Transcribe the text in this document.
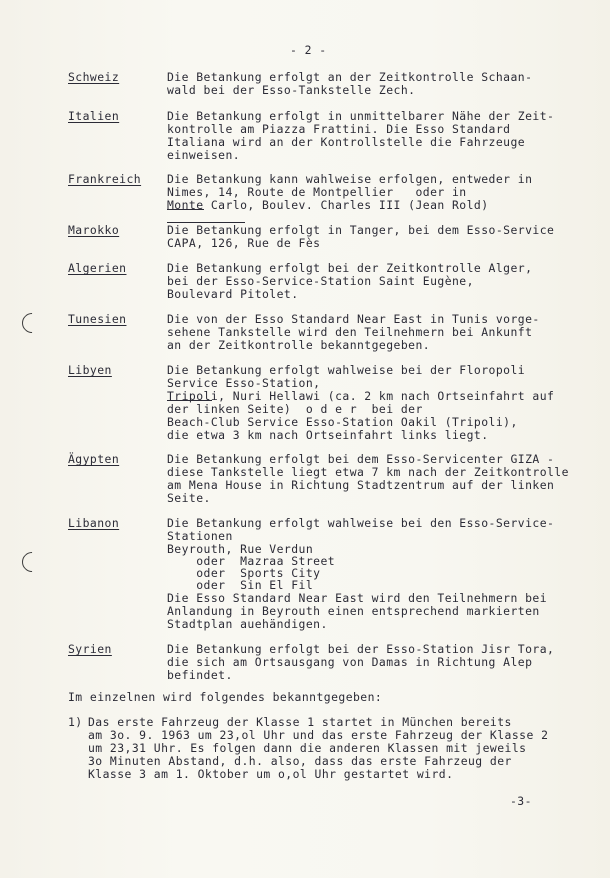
- 2 -
Schweiz	Die Betankung erfolgt an der Zeitkontrolle Schaan-
wald bei der Esso-Tankstelle Zech.
Italien	Die Betankung erfolgt in unmittelbarer Nähe der Zeit-
kontrolle am Piazza Frattini. Die Esso Standard
Italiana wird an der Kontrollstelle die Fahrzeuge
einweisen.
Frankreich Die Betankung kann wahlweise erfolgen, entweder in
Nimes, 14, Route de Montpellier   oder in
Monte Carlo, Boulev. Charles III (Jean Rold)
Marokko	Die Betankung erfolgt in Tanger, bei dem Esso-Service
CAPA, 126, Rue de Fès
Algerien	Die Betankung erfolgt bei der Zeitkontrolle Alger,
bei der Esso-Service-Station Saint Eugène,
Boulevard Pitolet.
Tunesien	Die von der Esso Standard Near East in Tunis vorge-
sehene Tankstelle wird den Teilnehmern bei Ankunft
an der Zeitkontrolle bekanntgegeben.
Libyen	Die Betankung erfolgt wahlweise bei der Floropoli
Service Esso-Station,
Tripoli, Nuri Hellawi (ca. 2 km nach Ortseinfahrt auf
der linken Seite)  o d e r  bei der
Beach-Club Service Esso-Station Oakil (Tripoli),
die etwa 3 km nach Ortseinfahrt links liegt.
Ägypten	Die Betankung erfolgt bei dem Esso-Servicenter GIZA -
diese Tankstelle liegt etwa 7 km nach der Zeitkontrolle
am Mena House in Richtung Stadtzentrum auf der linken
Seite.
Libanon	Die Betankung erfolgt wahlweise bei den Esso-Service-
Stationen
Beyrouth, Rue Verdun
oder  Mazraa Street
oder  Sports City
oder  Sin El Fil
Die Esso Standard Near East wird den Teilnehmern bei
Anlandung in Beyrouth einen entsprechend markierten
Stadtplan auehändigen.
Syrien	Die Betankung erfolgt bei der Esso-Station Jisr Tora,
die sich am Ortsausgang von Damas in Richtung Alep
befindet.
Im einzelnen wird folgendes bekanntgegeben:
1) Das erste Fahrzeug der Klasse 1 startet in München bereits
am 3o. 9. 1963 um 23,ol Uhr und das erste Fahrzeug der Klasse 2
um 23,31 Uhr. Es folgen dann die anderen Klassen mit jeweils
3o Minuten Abstand, d.h. also, dass das erste Fahrzeug der
Klasse 3 am 1. Oktober um o,ol Uhr gestartet wird.
-3-
